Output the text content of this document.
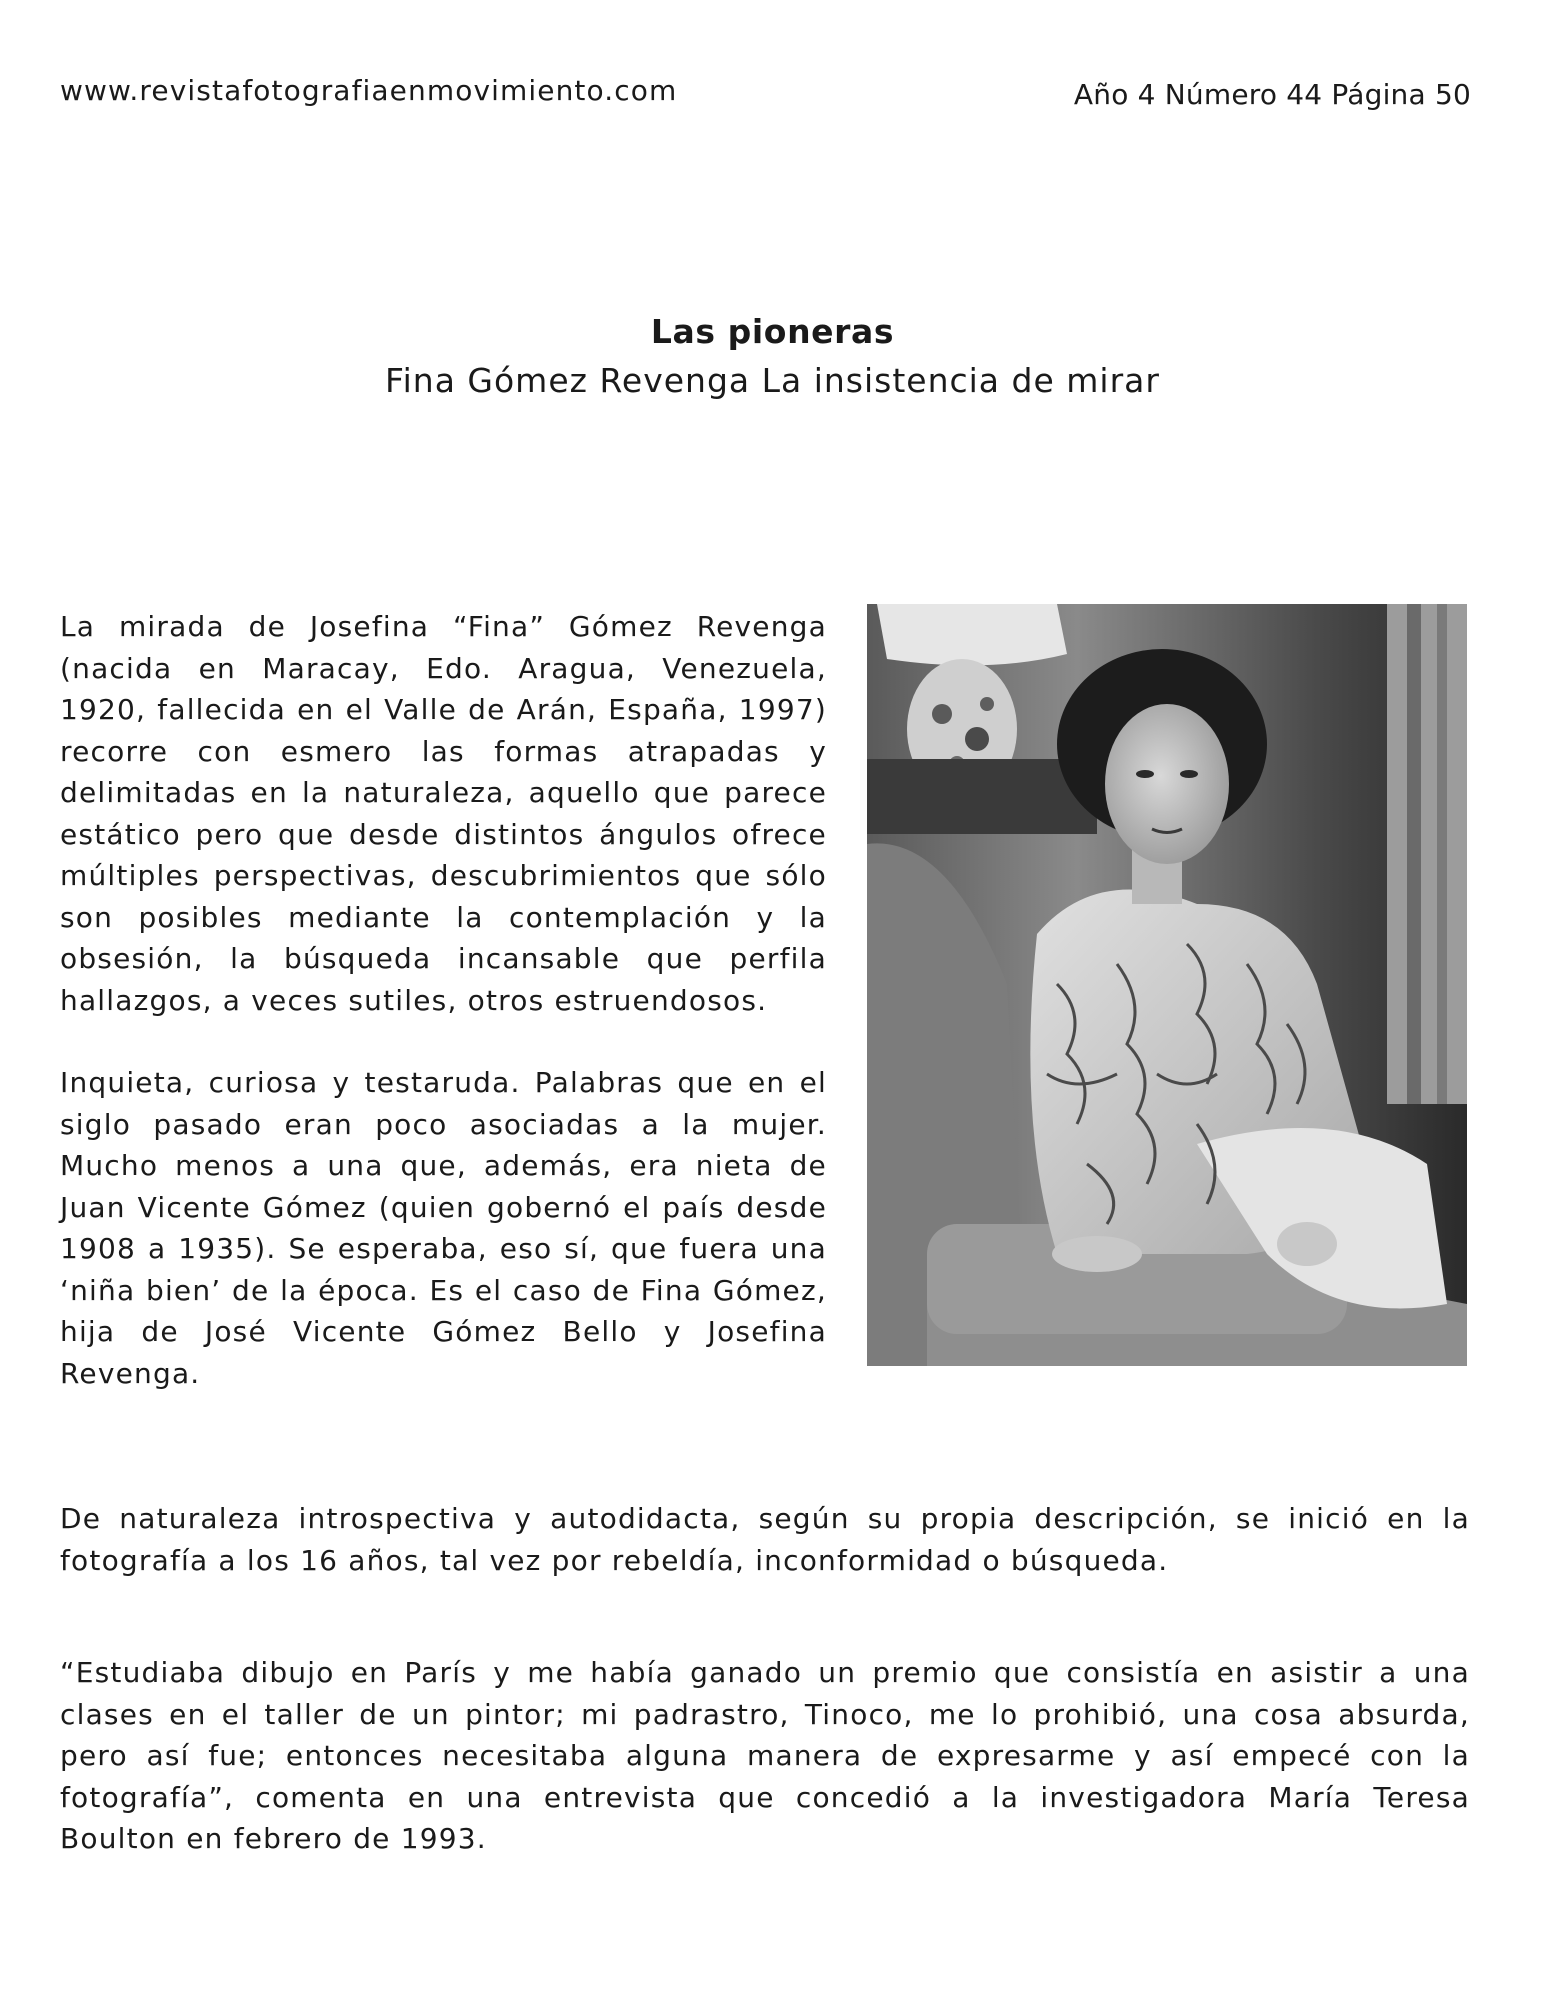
www.revistafotografiaenmovimiento.com	Año 4 Número 44 Página 50
Las pioneras
Fina Gómez Revenga La insistencia de mirar

La mirada de Josefina “Fina” Gómez Revenga (nacida en Maracay, Edo. Aragua, Venezuela, 1920, fallecida en el Valle de Arán, España, 1997) recorre con esmero las formas atrapadas y delimitadas en la naturaleza, aquello que parece estático pero que desde distintos ángulos ofrece múltiples perspectivas, descubrimientos que sólo son posibles mediante la contemplación y la obsesión, la búsqueda incansable que perfila hallazgos, a veces sutiles, otros estruendosos.

Inquieta, curiosa y testaruda. Palabras que en el siglo pasado eran poco asociadas a la mujer. Mucho menos a una que, además, era nieta de Juan Vicente Gómez (quien gobernó el país desde 1908 a 1935). Se esperaba, eso sí, que fuera una ‘niña bien’ de la época. Es el caso de Fina Gómez, hija de José Vicente Gómez Bello y Josefina Revenga.

De naturaleza introspectiva y autodidacta, según su propia descripción, se inició en la fotografía a los 16 años, tal vez por rebeldía, inconformidad o búsqueda.

“Estudiaba dibujo en París y me había ganado un premio que consistía en asistir a una clases en el taller de un pintor; mi padrastro, Tinoco, me lo prohibió, una cosa absurda, pero así fue; entonces necesitaba alguna manera de expresarme y así empecé con la fotografía”, comenta en una entrevista que concedió a la investigadora María Teresa Boulton en febrero de 1993.
